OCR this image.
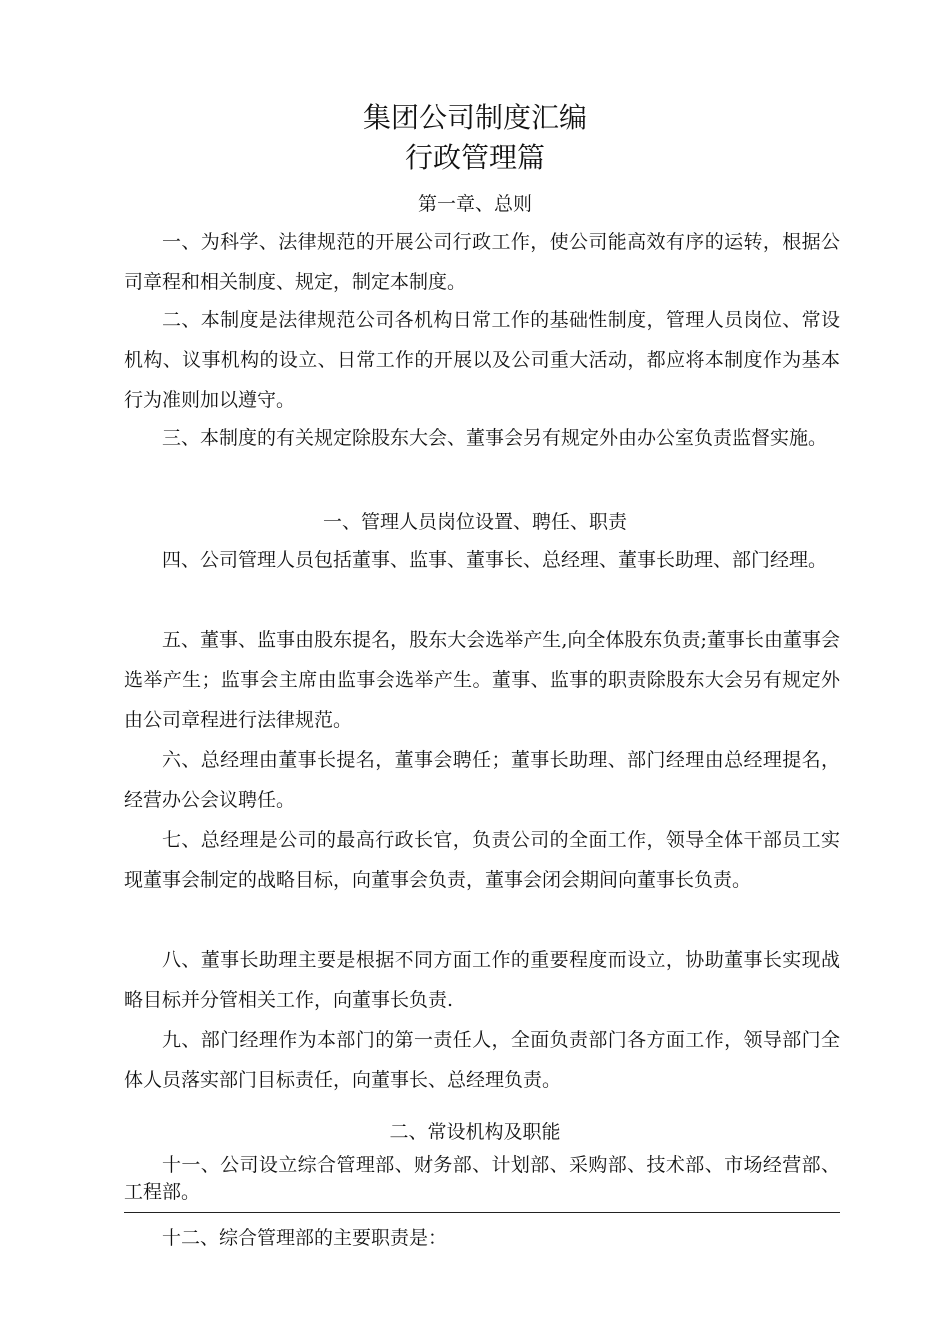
集团公司制度汇编
行政管理篇
第一章、总则

一、为科学、法律规范的开展公司行政工作，使公司能高效有序的运转，根据公司章程和相关制度、规定，制定本制度。

二、本制度是法律规范公司各机构日常工作的基础性制度，管理人员岗位、常设机构、议事机构的设立、日常工作的开展以及公司重大活动，都应将本制度作为基本行为准则加以遵守。

三、本制度的有关规定除股东大会、董事会另有规定外由办公室负责监督实施。

一、管理人员岗位设置、聘任、职责

四、公司管理人员包括董事、监事、董事长、总经理、董事长助理、部门经理。

五、董事、监事由股东提名，股东大会选举产生,向全体股东负责;董事长由董事会选举产生；监事会主席由监事会选举产生。董事、监事的职责除股东大会另有规定外由公司章程进行法律规范。

六、总经理由董事长提名，董事会聘任；董事长助理、部门经理由总经理提名，经营办公会议聘任。

七、总经理是公司的最高行政长官，负责公司的全面工作，领导全体干部员工实现董事会制定的战略目标，向董事会负责，董事会闭会期间向董事长负责。

八、董事长助理主要是根据不同方面工作的重要程度而设立，协助董事长实现战略目标并分管相关工作，向董事长负责.

九、部门经理作为本部门的第一责任人，全面负责部门各方面工作，领导部门全体人员落实部门目标责任，向董事长、总经理负责。

二、常设机构及职能

十一、公司设立综合管理部、财务部、计划部、采购部、技术部、市场经营部、工程部。

十二、综合管理部的主要职责是：
